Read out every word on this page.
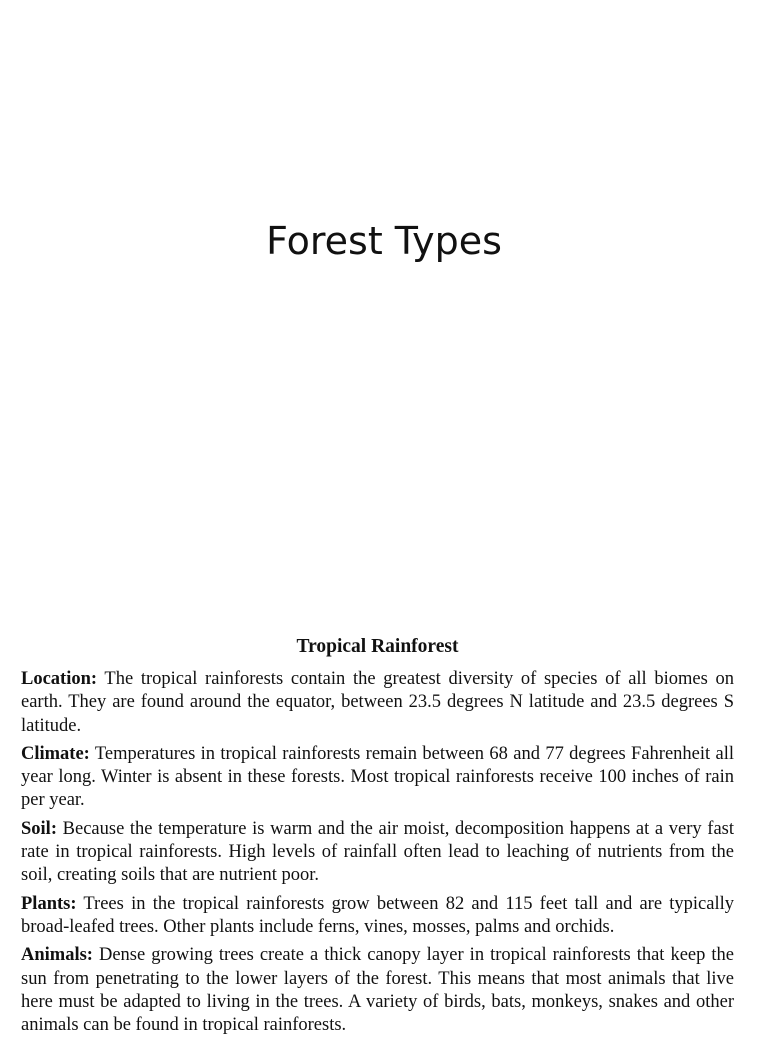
Forest Types
Tropical Rainforest

Location: The tropical rainforests contain the greatest diversity of species of all biomes on earth. They are found around the equator, between 23.5 degrees N latitude and 23.5 degrees S latitude.

Climate: Temperatures in tropical rainforests remain between 68 and 77 degrees Fahrenheit all year long. Winter is absent in these forests. Most tropical rainforests receive 100 inches of rain per year.

Soil: Because the temperature is warm and the air moist, decomposition happens at a very fast rate in tropical rainforests. High levels of rainfall often lead to leaching of nutrients from the soil, creating soils that are nutrient poor.

Plants: Trees in the tropical rainforests grow between 82 and 115 feet tall and are typically broad-leafed trees. Other plants include ferns, vines, mosses, palms and orchids.

Animals: Dense growing trees create a thick canopy layer in tropical rainforests that keep the sun from penetrating to the lower layers of the forest. This means that most animals that live here must be adapted to living in the trees. A variety of birds, bats, monkeys, snakes and other animals can be found in tropical rainforests.
